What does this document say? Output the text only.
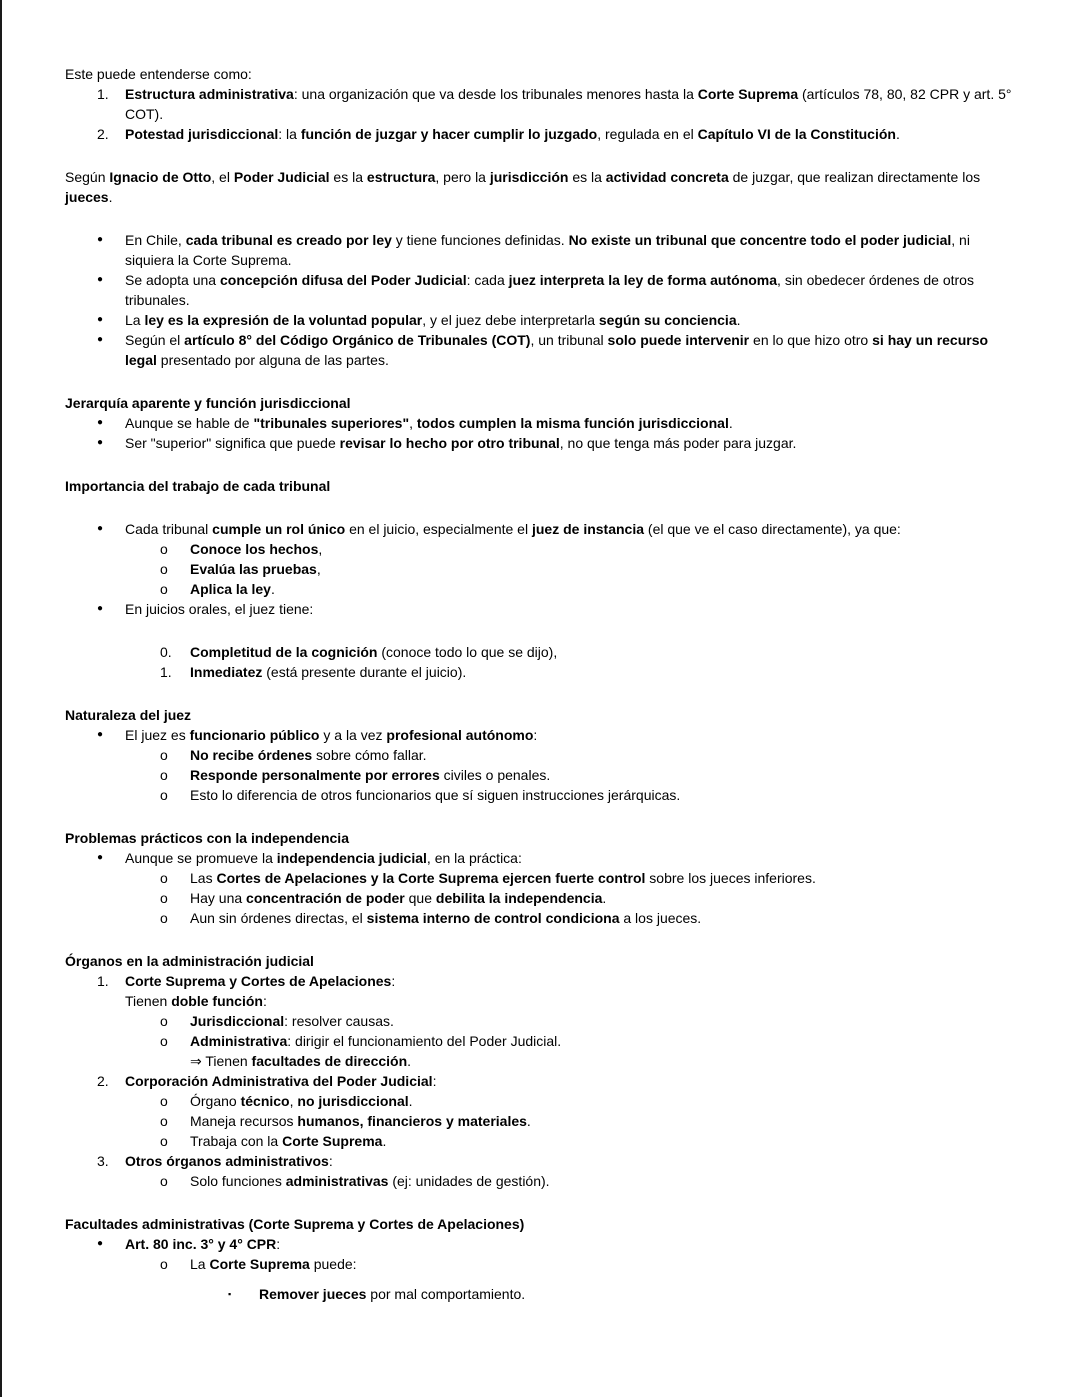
Este puede entenderse como:
1.	Estructura administrativa: una organización que va desde los tribunales menores hasta la Corte Suprema (artículos 78, 80, 82 CPR y art. 5° COT).
2.	Potestad jurisdiccional: la función de juzgar y hacer cumplir lo juzgado, regulada en el Capítulo VI de la Constitución.
Según Ignacio de Otto, el Poder Judicial es la estructura, pero la jurisdicción es la actividad concreta de juzgar, que realizan directamente los jueces.
●	En Chile, cada tribunal es creado por ley y tiene funciones definidas. No existe un tribunal que concentre todo el poder judicial, ni siquiera la Corte Suprema.
●	Se adopta una concepción difusa del Poder Judicial: cada juez interpreta la ley de forma autónoma, sin obedecer órdenes de otros tribunales.
●	La ley es la expresión de la voluntad popular, y el juez debe interpretarla según su conciencia.
●	Según el artículo 8° del Código Orgánico de Tribunales (COT), un tribunal solo puede intervenir en lo que hizo otro si hay un recurso legal presentado por alguna de las partes.
Jerarquía aparente y función jurisdiccional
●	Aunque se hable de "tribunales superiores", todos cumplen la misma función jurisdiccional.
●	Ser "superior" significa que puede revisar lo hecho por otro tribunal, no que tenga más poder para juzgar.
Importancia del trabajo de cada tribunal
●	Cada tribunal cumple un rol único en el juicio, especialmente el juez de instancia (el que ve el caso directamente), ya que:
o	Conoce los hechos,
o	Evalúa las pruebas,
o	Aplica la ley.
●	En juicios orales, el juez tiene:
0.	Completitud de la cognición (conoce todo lo que se dijo),
1.	Inmediatez (está presente durante el juicio).
Naturaleza del juez
●	El juez es funcionario público y a la vez profesional autónomo:
o	No recibe órdenes sobre cómo fallar.
o	Responde personalmente por errores civiles o penales.
o	Esto lo diferencia de otros funcionarios que sí siguen instrucciones jerárquicas.
Problemas prácticos con la independencia
●	Aunque se promueve la independencia judicial, en la práctica:
o	Las Cortes de Apelaciones y la Corte Suprema ejercen fuerte control sobre los jueces inferiores.
o	Hay una concentración de poder que debilita la independencia.
o	Aun sin órdenes directas, el sistema interno de control condiciona a los jueces.
Órganos en la administración judicial
1.	Corte Suprema y Cortes de Apelaciones:
Tienen doble función:
o	Jurisdiccional: resolver causas.
o	Administrativa: dirigir el funcionamiento del Poder Judicial.
⇒ Tienen facultades de dirección.
2.	Corporación Administrativa del Poder Judicial:
o	Órgano técnico, no jurisdiccional.
o	Maneja recursos humanos, financieros y materiales.
o	Trabaja con la Corte Suprema.
3.	Otros órganos administrativos:
o	Solo funciones administrativas (ej: unidades de gestión).
Facultades administrativas (Corte Suprema y Cortes de Apelaciones)
●	Art. 80 inc. 3° y 4° CPR:
o	La Corte Suprema puede:
▪	Remover jueces por mal comportamiento.
